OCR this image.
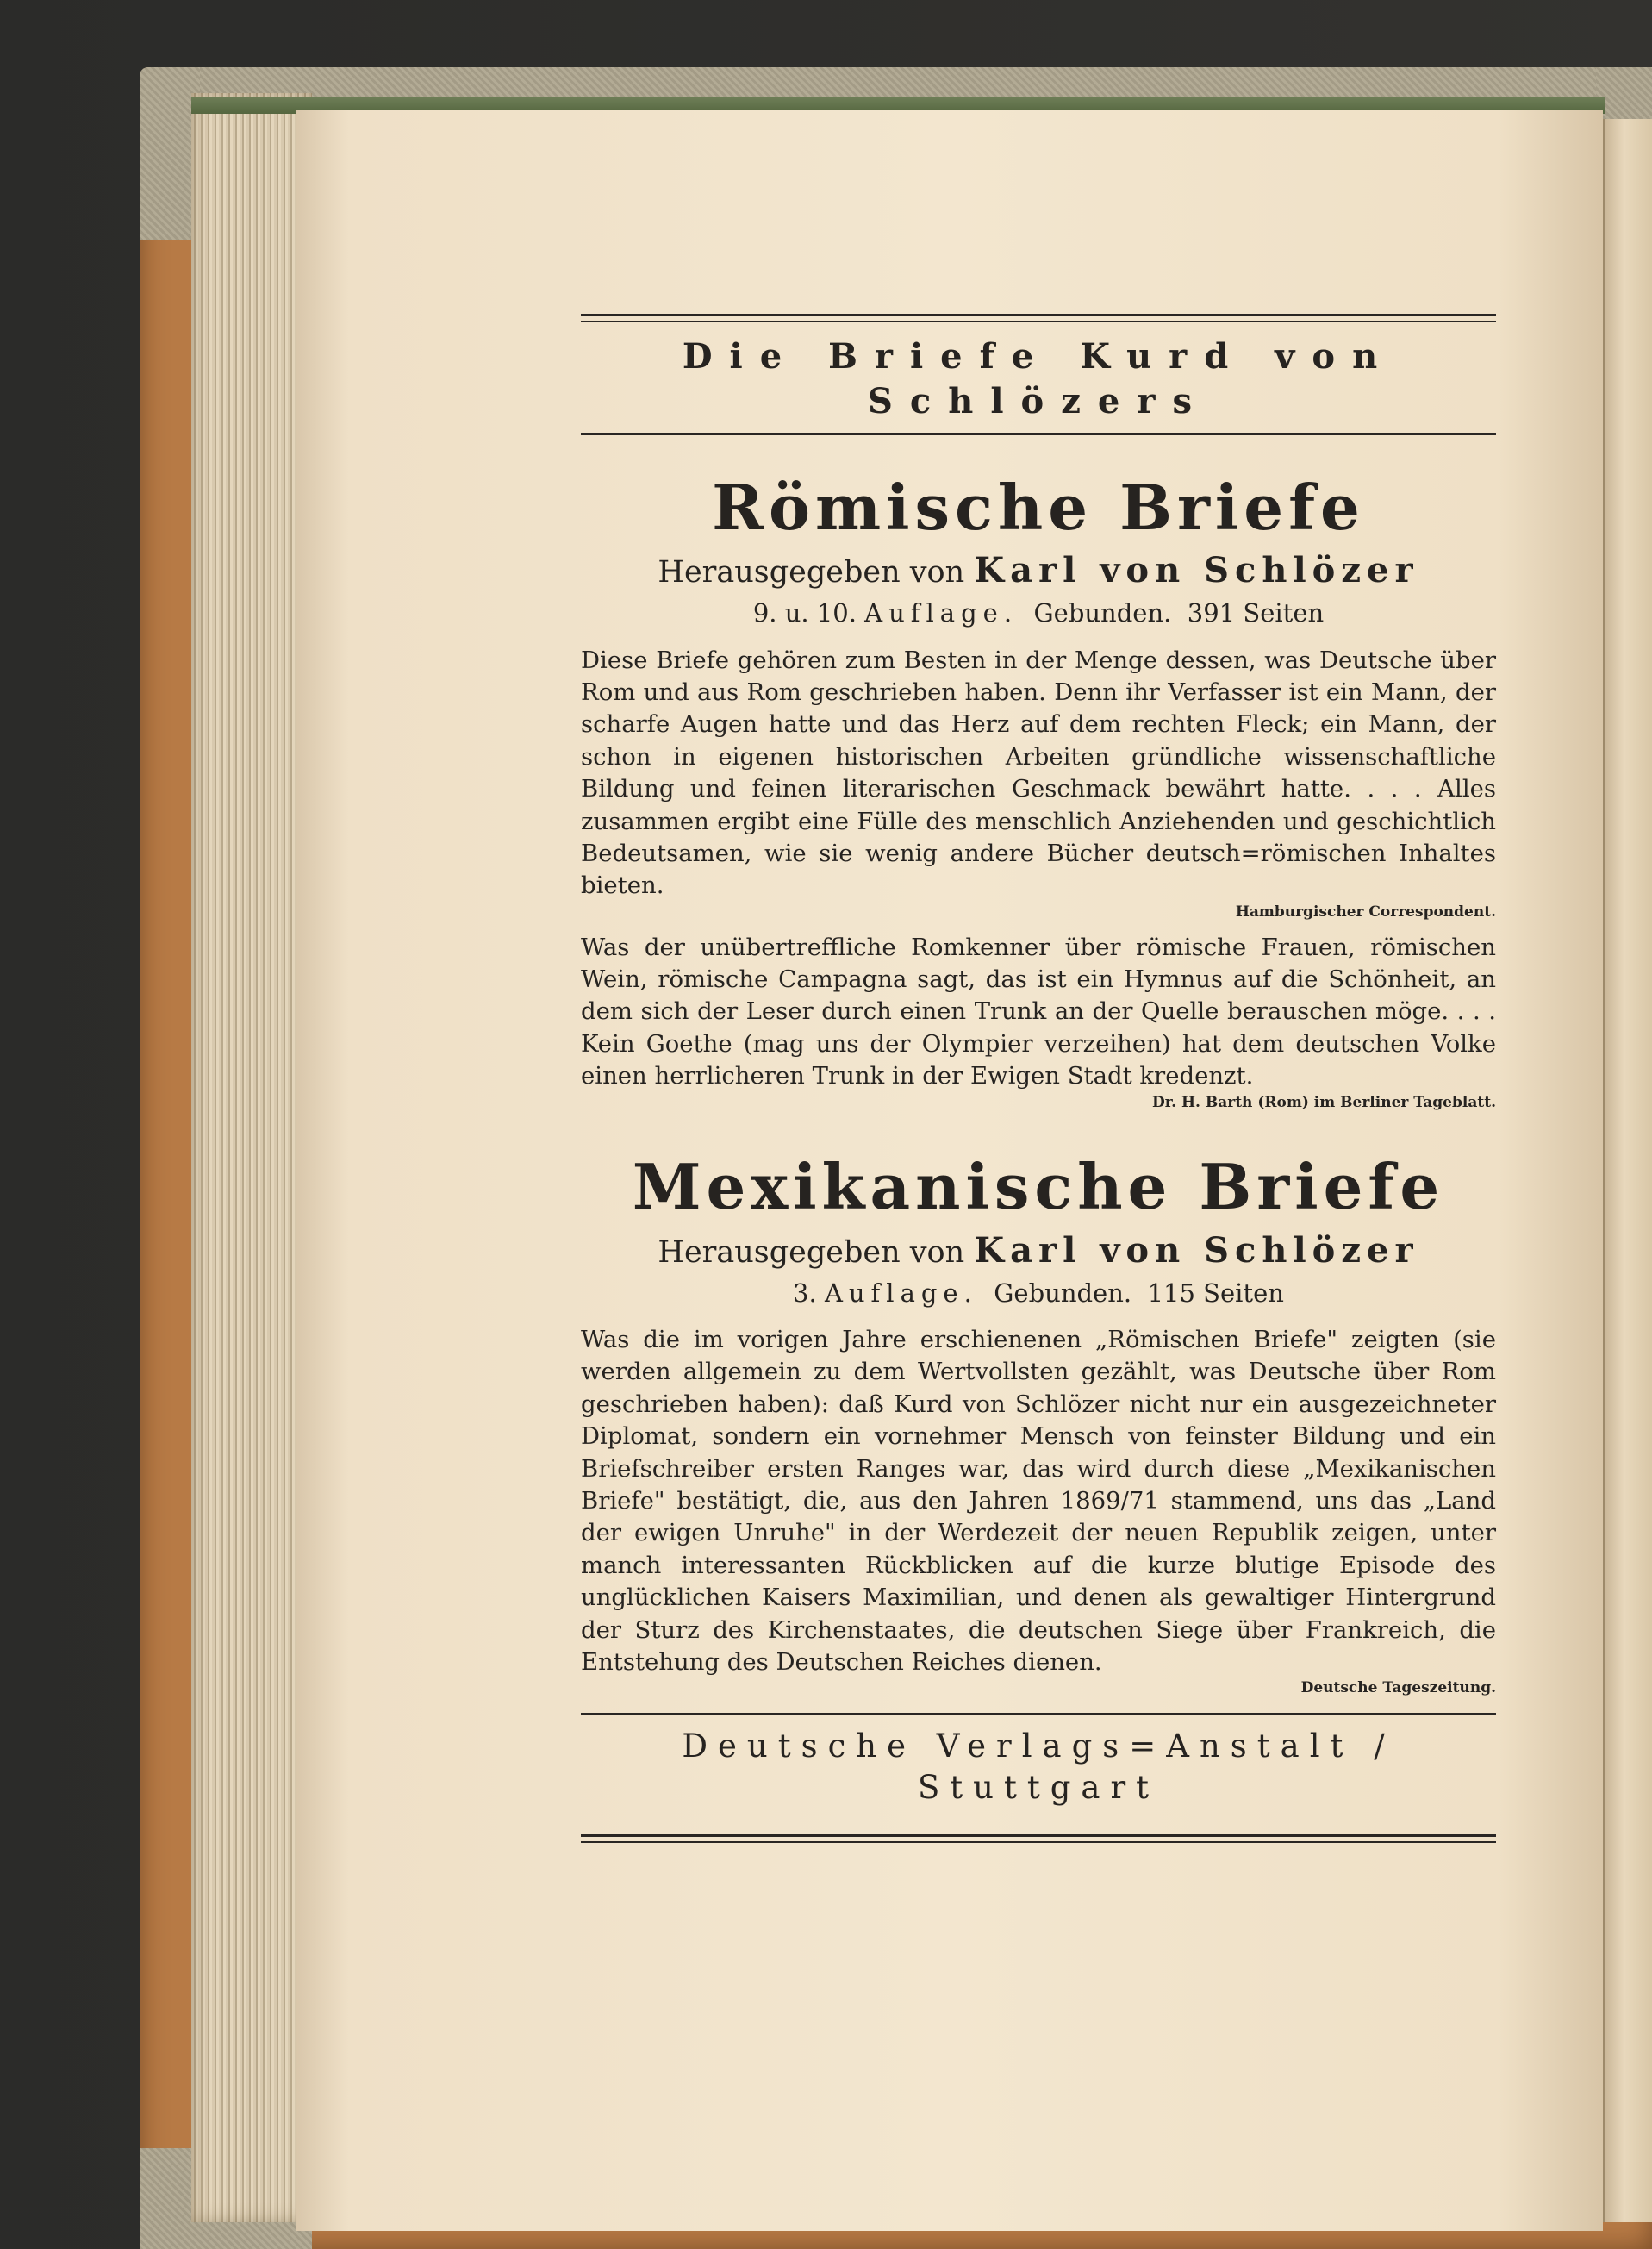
Die Briefe Kurd von Schlözers

Römische Briefe

Herausgegeben von Karl von Schlözer

9. u. 10. Auflage. Gebunden. 391 Seiten

Diese Briefe gehören zum Besten in der Menge dessen, was Deutsche über Rom und aus Rom geschrieben haben. Denn ihr Verfasser ist ein Mann, der scharfe Augen hatte und das Herz auf dem rechten Fleck; ein Mann, der schon in eigenen historischen Arbeiten gründliche wissenschaftliche Bildung und feinen literarischen Geschmack bewährt hatte. . . . Alles zusammen ergibt eine Fülle des menschlich Anziehenden und geschichtlich Bedeutsamen, wie sie wenig andere Bücher deutsch=römischen Inhaltes bieten.

Hamburgischer Correspondent.

Was der unübertreffliche Romkenner über römische Frauen, römischen Wein, römische Campagna sagt, das ist ein Hymnus auf die Schönheit, an dem sich der Leser durch einen Trunk an der Quelle berauschen möge. . . . Kein Goethe (mag uns der Olympier verzeihen) hat dem deutschen Volke einen herrlicheren Trunk in der Ewigen Stadt kredenzt.

Dr. H. Barth (Rom) im Berliner Tageblatt.

Mexikanische Briefe

Herausgegeben von Karl von Schlözer

3. Auflage. Gebunden. 115 Seiten

Was die im vorigen Jahre erschienenen „Römischen Briefe" zeigten (sie werden allgemein zu dem Wertvollsten gezählt, was Deutsche über Rom geschrieben haben): daß Kurd von Schlözer nicht nur ein ausgezeichneter Diplomat, sondern ein vornehmer Mensch von feinster Bildung und ein Briefschreiber ersten Ranges war, das wird durch diese „Mexikanischen Briefe" bestätigt, die, aus den Jahren 1869/71 stammend, uns das „Land der ewigen Unruhe" in der Werdezeit der neuen Republik zeigen, unter manch interessanten Rückblicken auf die kurze blutige Episode des unglücklichen Kaisers Maximilian, und denen als gewaltiger Hintergrund der Sturz des Kirchenstaates, die deutschen Siege über Frankreich, die Entstehung des Deutschen Reiches dienen.

Deutsche Tageszeitung.

Deutsche Verlags=Anstalt / Stuttgart
